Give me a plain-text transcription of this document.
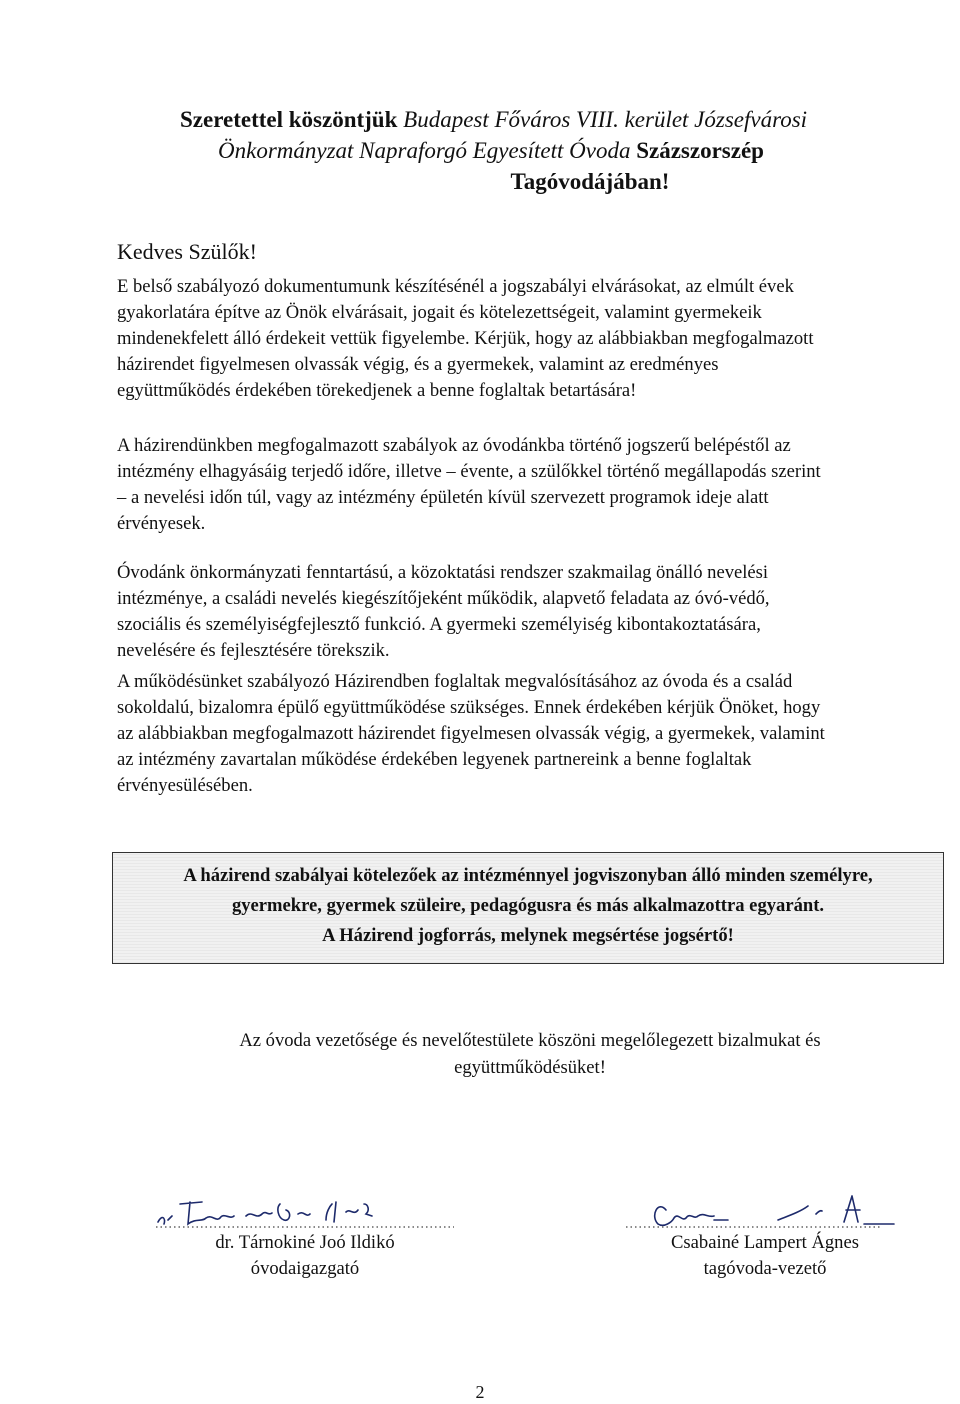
Szeretettel köszöntjük Budapest Főváros VIII. kerület Józsefvárosi
Önkormányzat Napraforgó Egyesített Óvoda Százszorszép
Tagóvodájában!
Kedves Szülők!
E belső szabályozó dokumentumunk készítésénél a jogszabályi elvárásokat, az elmúlt évek
gyakorlatára építve az Önök elvárásait, jogait és kötelezettségeit, valamint gyermekeik
mindenekfelett álló érdekeit vettük figyelembe. Kérjük, hogy az alábbiakban megfogalmazott
házirendet figyelmesen olvassák végig, és a gyermekek, valamint az eredményes
együttműködés érdekében törekedjenek a benne foglaltak betartására!
A házirendünkben megfogalmazott szabályok az óvodánkba történő jogszerű belépéstől az
intézmény elhagyásáig terjedő időre, illetve – évente, a szülőkkel történő megállapodás szerint
– a nevelési időn túl, vagy az intézmény épületén kívül szervezett programok ideje alatt
érvényesek.
Óvodánk önkormányzati fenntartású, a közoktatási rendszer szakmailag önálló nevelési
intézménye, a családi nevelés kiegészítőjeként működik, alapvető feladata az óvó-védő,
szociális és személyiségfejlesztő funkció. A gyermeki személyiség kibontakoztatására,
nevelésére és fejlesztésére törekszik.
A működésünket szabályozó Házirendben foglaltak megvalósításához az óvoda és a család
sokoldalú, bizalomra épülő együttműködése szükséges. Ennek érdekében kérjük Önöket, hogy
az alábbiakban megfogalmazott házirendet figyelmesen olvassák végig, a gyermekek, valamint
az intézmény zavartalan működése érdekében legyenek partnereink a benne foglaltak
érvényesülésében.
A házirend szabályai kötelezőek az intézménnyel jogviszonyban álló minden személyre,
gyermekre, gyermek szüleire, pedagógusra és más alkalmazottra egyaránt.
A Házirend jogforrás, melynek megsértése jogsértő!
Az óvoda vezetősége és nevelőtestülete köszöni megelőlegezett bizalmukat és
együttműködésüket!
dr. Tárnokiné Joó Ildikó
óvodaigazgató
Csabainé Lampert Ágnes
tagóvoda-vezető
2
